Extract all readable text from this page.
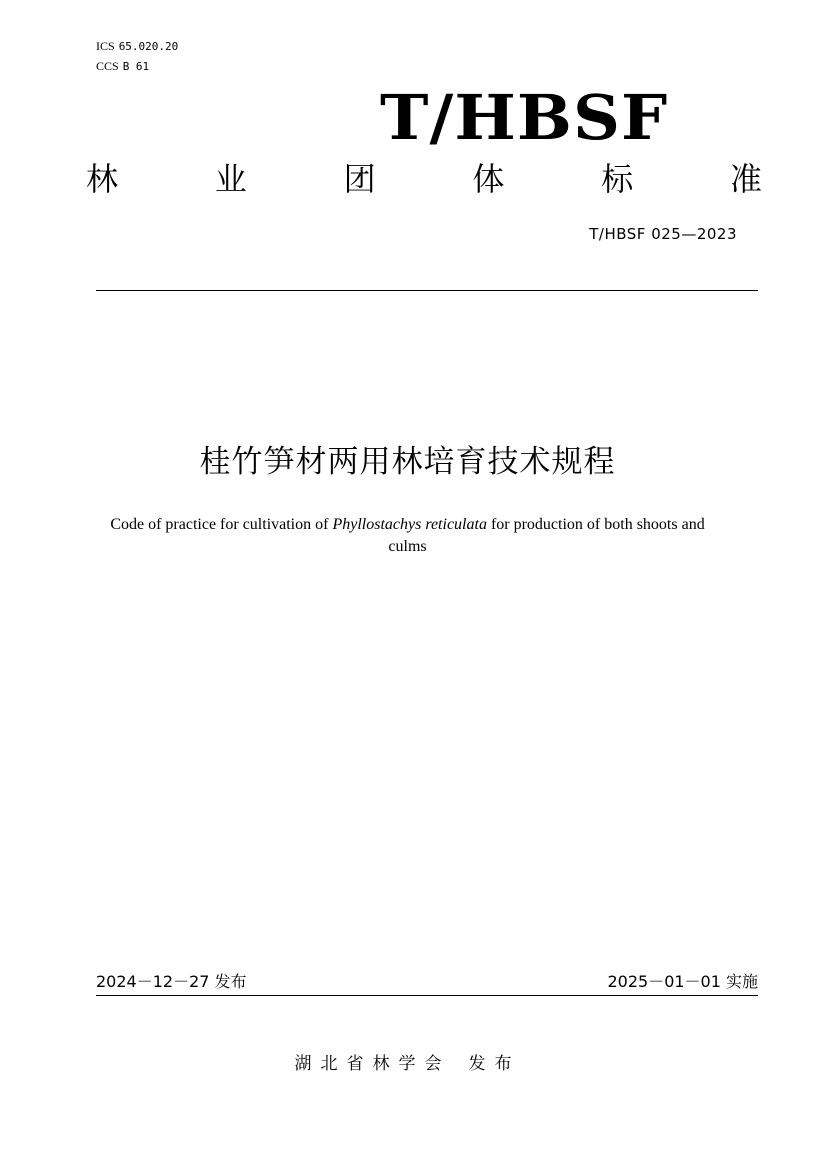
ICS 65.020.20
CCS B 61
T/HBSF
林	业	团	体	标	准
T/HBSF 025—2023
桂竹笋材两用林培育技术规程
Code of practice for cultivation of Phyllostachys reticulata for production of both shoots and culms
2024－12－27 发布	2025－01－01 实施
湖北省林学会 发布
